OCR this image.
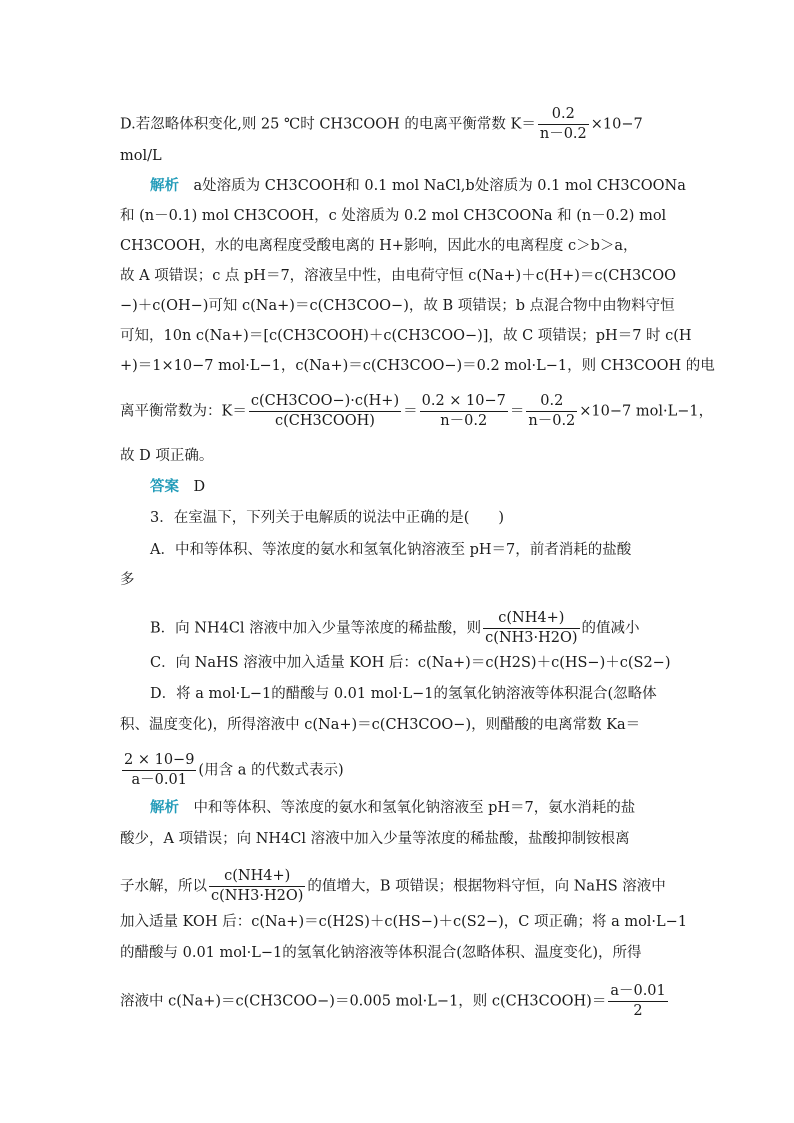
D.若忽略体积变化,则 25 ℃时 CH3COOH 的电离平衡常数 $K= \frac{0.2}{n-0.2} \times 10-7$
mol/L
解析　 a处溶质为 CH3COOH和 0.1 mol NaCl,b处溶质为 0.1 mol CH3COONa
和 (n－0.1) mol CH3COOH，c 处溶质为 0.2 mol CH3COONa 和 (n－0.2) mol
CH3COOH，水的电离程度受酸电离的 H+影响，因此水的电离程度 c＞b＞a，
故 A 项错误；c 点 pH＝7，溶液呈中性，由电荷守恒 c(Na+)＋c(H+)＝c(CH3COO
−)＋c(OH−)可知 c(Na+)＝c(CH3COO−)，故 B 项错误；b 点混合物中由物料守恒
可知，10n c(Na+)＝[c(CH3COOH)＋c(CH3COO−)]，故 C 项错误；pH＝7 时 c(H
+)＝1×10−7 mol·L−1，c(Na+)＝c(CH3COO−)＝0.2 mol·L−1，则 CH3COOH 的电
离平衡常数为：$K= \frac{\text{c(CH3COO−)·c(H+)}}{\text{c(CH3COOH)}} = \frac{0.2 \times 10-7}{n-0.2} = \frac{0.2}{n-0.2} \times 10-7$ mol·L−1，
故 D 项正确。
答案　 D
3．在室温下，下列关于电解质的说法中正确的是(　　)
A．中和等体积、等浓度的氨水和氢氧化钠溶液至 pH＝7，前者消耗的盐酸
多
B．向 NH4Cl 溶液中加入少量等浓度的稀盐酸，则 $\frac{c(NH4+)}{c(NH3\cdot H2O)}$ 的值减小
C．向 NaHS 溶液中加入适量 KOH 后：c(Na+)＝c(H2S)＋c(HS−)＋c(S2−)
D．将 a mol·L−1的醋酸与 0.01 mol·L−1的氢氧化钠溶液等体积混合(忽略体
积、温度变化)，所得溶液中 c(Na+)＝c(CH3COO−)，则醋酸的电离常数 Ka＝
$\frac{2 \times 10-9}{a-0.01}$ (用含 a 的代数式表示)
解析　 中和等体积、等浓度的氨水和氢氧化钠溶液至 pH＝7，氨水消耗的盐
酸少，A 项错误；向 NH4Cl 溶液中加入少量等浓度的稀盐酸，盐酸抑制铵根离
子水解，所以 $\frac{c(NH4+)}{c(NH3\cdot H2O)}$ 的值增大，B 项错误；根据物料守恒，向 NaHS 溶液中
加入适量 KOH 后：c(Na+)＝c(H2S)＋c(HS−)＋c(S2−)，C 项正确；将 a mol·L−1
的醋酸与 0.01 mol·L−1的氢氧化钠溶液等体积混合(忽略体积、温度变化)，所得
溶液中 c(Na+)＝c(CH3COO−)＝0.005 mol·L−1，则 c(CH3COOH)＝ $\frac{a-0.01}{2}$
